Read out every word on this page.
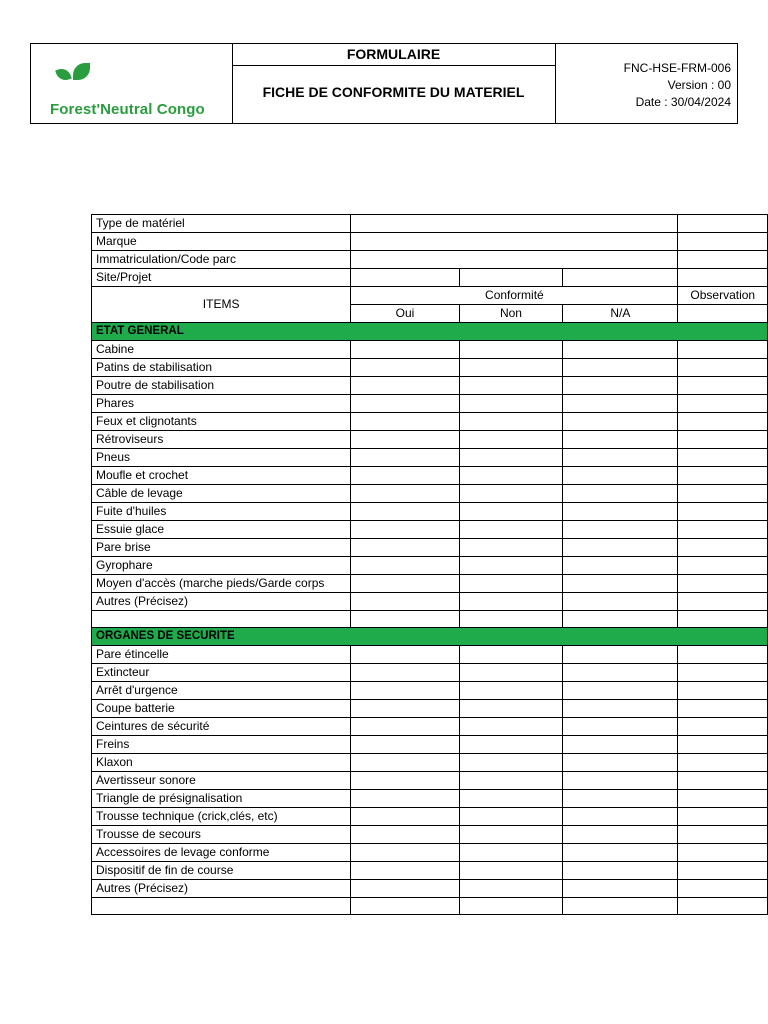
Forest'Neutral Congo
FORMULAIRE
FICHE DE CONFORMITE DU MATERIEL
FNC-HSE-FRM-006
Version : 00
Date : 30/04/2024
Type de matériel				
Marque				
Immatriculation/Code parc				
Site/Projet				
ITEMS	Conformité			Observation
	Oui	Non	N/A	
ETAT GENERAL				
Cabine				
Patins de stabilisation				
Poutre de stabilisation				
Phares				
Feux et clignotants				
Rétroviseurs				
Pneus				
Moufle et crochet				
Câble de levage				
Fuite d'huiles				
Essuie glace				
Pare brise				
Gyrophare				
Moyen d'accès (marche pieds/Garde corps				
Autres (Précisez)				

ORGANES DE SECURITE				
Pare étincelle				
Extincteur				
Arrêt d'urgence				
Coupe batterie				
Ceintures de sécurité				
Freins				
Klaxon				
Avertisseur sonore				
Triangle de présignalisation				
Trousse technique (crick,clés, etc)				
Trousse de secours				
Accessoires de levage conforme				
Dispositif de fin de course				
Autres (Précisez)				
